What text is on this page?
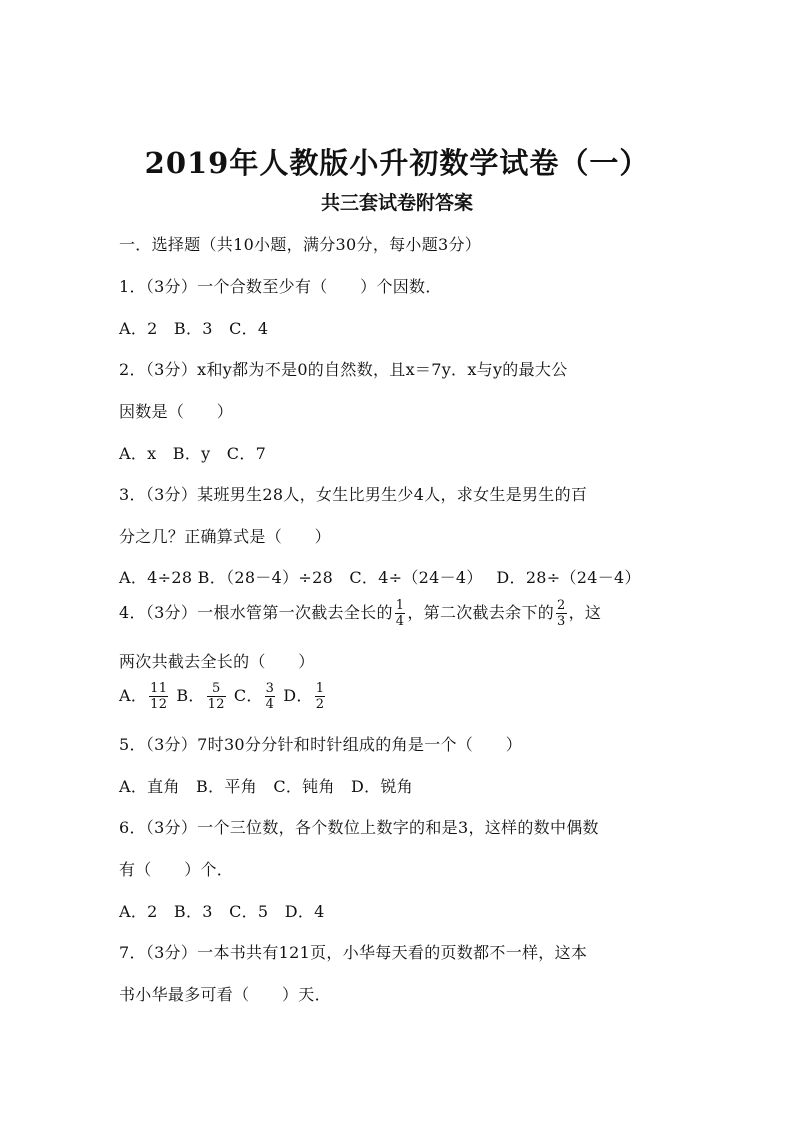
2019年人教版小升初数学试卷（一）
共三套试卷附答案
一．选择题（共10小题，满分30分，每小题3分）
1．（3分）一个合数至少有（　　）个因数．
A．2　B．3　C．4
2．（3分）x和y都为不是0的自然数，且x＝7y．x与y的最大公
因数是（　　）
A．x　B．y　C．7
3．（3分）某班男生28人，女生比男生少4人，求女生是男生的百
分之几？正确算式是（　　）
A．4÷28 B．（28－4）÷28　C．4÷（24－4）　 D．28÷（24－4）
4．（3分）一根水管第一次截去全长的 $\frac{1}{4}$ ，第二次截去余下的 $\frac{2}{3}$ ，这
两次共截去全长的（　　）
A． $\frac{11}{12}$ B． $\frac{5}{12}$ C． $\frac{3}{4}$ D． $\frac{1}{2}$
5．（3分）7时30分分针和时针组成的角是一个（　　）
A．直角　B．平角　C．钝角　D．锐角
6．（3分）一个三位数，各个数位上数字的和是3，这样的数中偶数
有（　　）个．
A．2　B．3　C．5　D．4
7．（3分）一本书共有121页，小华每天看的页数都不一样，这本
书小华最多可看（　　）天．
